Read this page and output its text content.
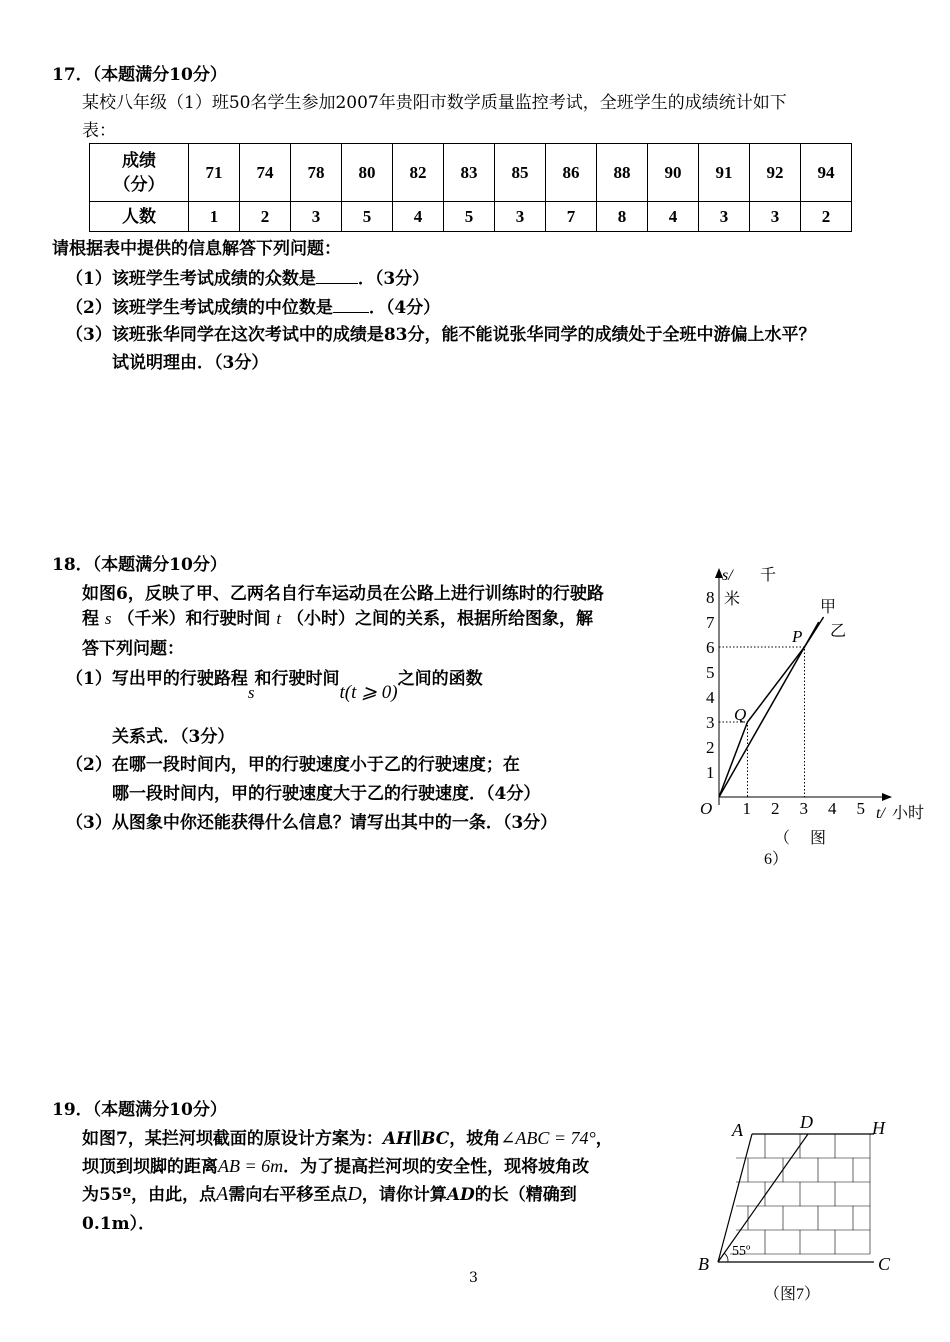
17．（本题满分10分）
某校八年级（1）班50名学生参加2007年贵阳市数学质量监控考试，全班学生的成绩统计如下
表：
成绩
（分）	71	74	78	80	82	83	85	86	88	90	91	92	94
人数	1	2	3	5	4	5	3	7	8	4	3	3	2
请根据表中提供的信息解答下列问题：
（1）该班学生考试成绩的众数是 ．（3分）
（2）该班学生考试成绩的中位数是 ．（4分）
（3）该班张华同学在这次考试中的成绩是83分，能不能说张华同学的成绩处于全班中游偏上水平？
试说明理由．（3分）
18．（本题满分10分）
如图6，反映了甲、乙两名自行车运动员在公路上进行训练时的行驶路
程 s （千米）和行驶时间 t （小时）之间的关系，根据所给图象，解
答下列问题：
（1）写出甲的行驶路程s和行驶时间t(t ⩾ 0)之间的函数
关系式．（3分）
（2）在哪一段时间内，甲的行驶速度小于乙的行驶速度；在
哪一段时间内，甲的行驶速度大于乙的行驶速度．（4分）
（3）从图象中你还能获得什么信息？请写出其中的一条．（3分）
s/ 千
米
t/ 小时
O
1
2
3
4
5
6
7
8
1 2 3 4 5
P
Q
甲
乙
（ 　图
6）
19．（本题满分10分）
如图7，某拦河坝截面的原设计方案为：AH∥BC，坡角∠ABC = 74°，
坝顶到坝脚的距离AB = 6m．为了提高拦河坝的安全性，现将坡角改
为55º，由此，点A需向右平移至点D，请你计算AD的长（精确到
0.1m）．
A	D	H
B	C
55º
（图7）
3
